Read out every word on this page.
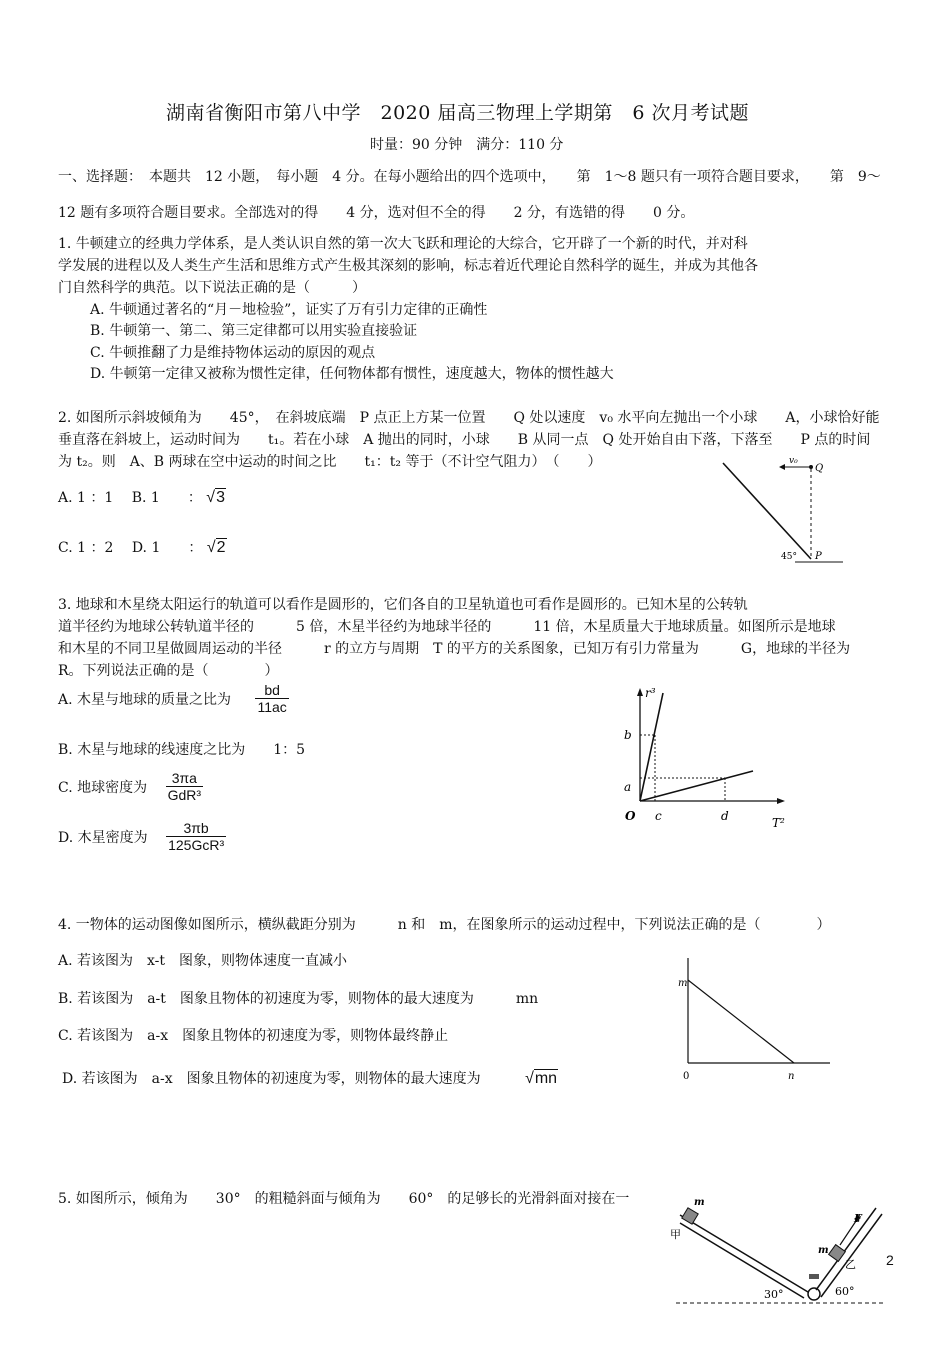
湖南省衡阳市第八中学　2020 届高三物理上学期第　6 次月考试题
时量：90 分钟　满分：110 分
一、选择题：　本题共　12 小题，　每小题　4 分。在每小题给出的四个选项中，　　第　1～8 题只有一项符合题目要求，　　第　9～
12 题有多项符合题目要求。全部选对的得　　4 分，选对但不全的得　　2 分，有选错的得　　0 分。
1. 牛顿建立的经典力学体系，是人类认识自然的第一次大飞跃和理论的大综合，它开辟了一个新的时代，并对科
学发展的进程以及人类生产生活和思维方式产生极其深刻的影响，标志着近代理论自然科学的诞生，并成为其他各
门自然科学的典范。以下说法正确的是（　　　）
A. 牛顿通过著名的“月－地检验”，证实了万有引力定律的正确性
B. 牛顿第一、第二、第三定律都可以用实验直接验证
C. 牛顿推翻了力是维持物体运动的原因的观点
D. 牛顿第一定律又被称为惯性定律，任何物体都有惯性，速度越大，物体的惯性越大
2. 如图所示斜坡倾角为　　45°，　在斜坡底端　P 点正上方某一位置　　Q 处以速度　v₀ 水平向左抛出一个小球　　A，小球恰好能
垂直落在斜坡上，运动时间为　　t₁。若在小球　A 抛出的同时，小球　　B 从同一点　Q 处开始自由下落，下落至　　P 点的时间
为 t₂。则　A、B 两球在空中运动的时间之比　　t₁：t₂ 等于（不计空气阻力）　（　　）
A. 1 ：1　 B. 1　　： √3
C. 1 ：2　 D. 1　　： √2
v₀
Q
P
45°
3. 地球和木星绕太阳运行的轨道可以看作是圆形的，它们各自的卫星轨道也可看作是圆形的。已知木星的公转轨
道半径约为地球公转轨道半径的　　　5 倍，木星半径约为地球半径的　　　11 倍，木星质量大于地球质量。如图所示是地球
和木星的不同卫星做圆周运动的半径　　　r 的立方与周期　T 的平方的关系图象，已知万有引力常量为　　　G，地球的半径为
R。下列说法正确的是（　　　　）
A. 木星与地球的质量之比为 $\frac{bd}{11ac}$
B. 木星与地球的线速度之比为　　1：5
C. 地球密度为 $\frac{3\pi a}{\text{GdR³}}$
D. 木星密度为 $\frac{3\pi b}{\text{125GcR³}}$
r³
T²
O
b
a
c	d
4. 一物体的运动图像如图所示，横纵截距分别为　　　n 和　m，在图象所示的运动过程中，下列说法正确的是（　　　　）
A. 若该图为　x-t　图象，则物体速度一直减小
B. 若该图为　a-t　图象且物体的初速度为零，则物体的最大速度为　　　mn
C. 若该图为　a-x　图象且物体的初速度为零，则物体最终静止
D. 若该图为　a-x　图象且物体的初速度为零，则物体的最大速度为	√mn
m
0	n
5. 如图所示，倾角为　　30°　的粗糙斜面与倾角为　　60°　的足够长的光滑斜面对接在一	m
甲
m
乙
F
30°	60°
2
